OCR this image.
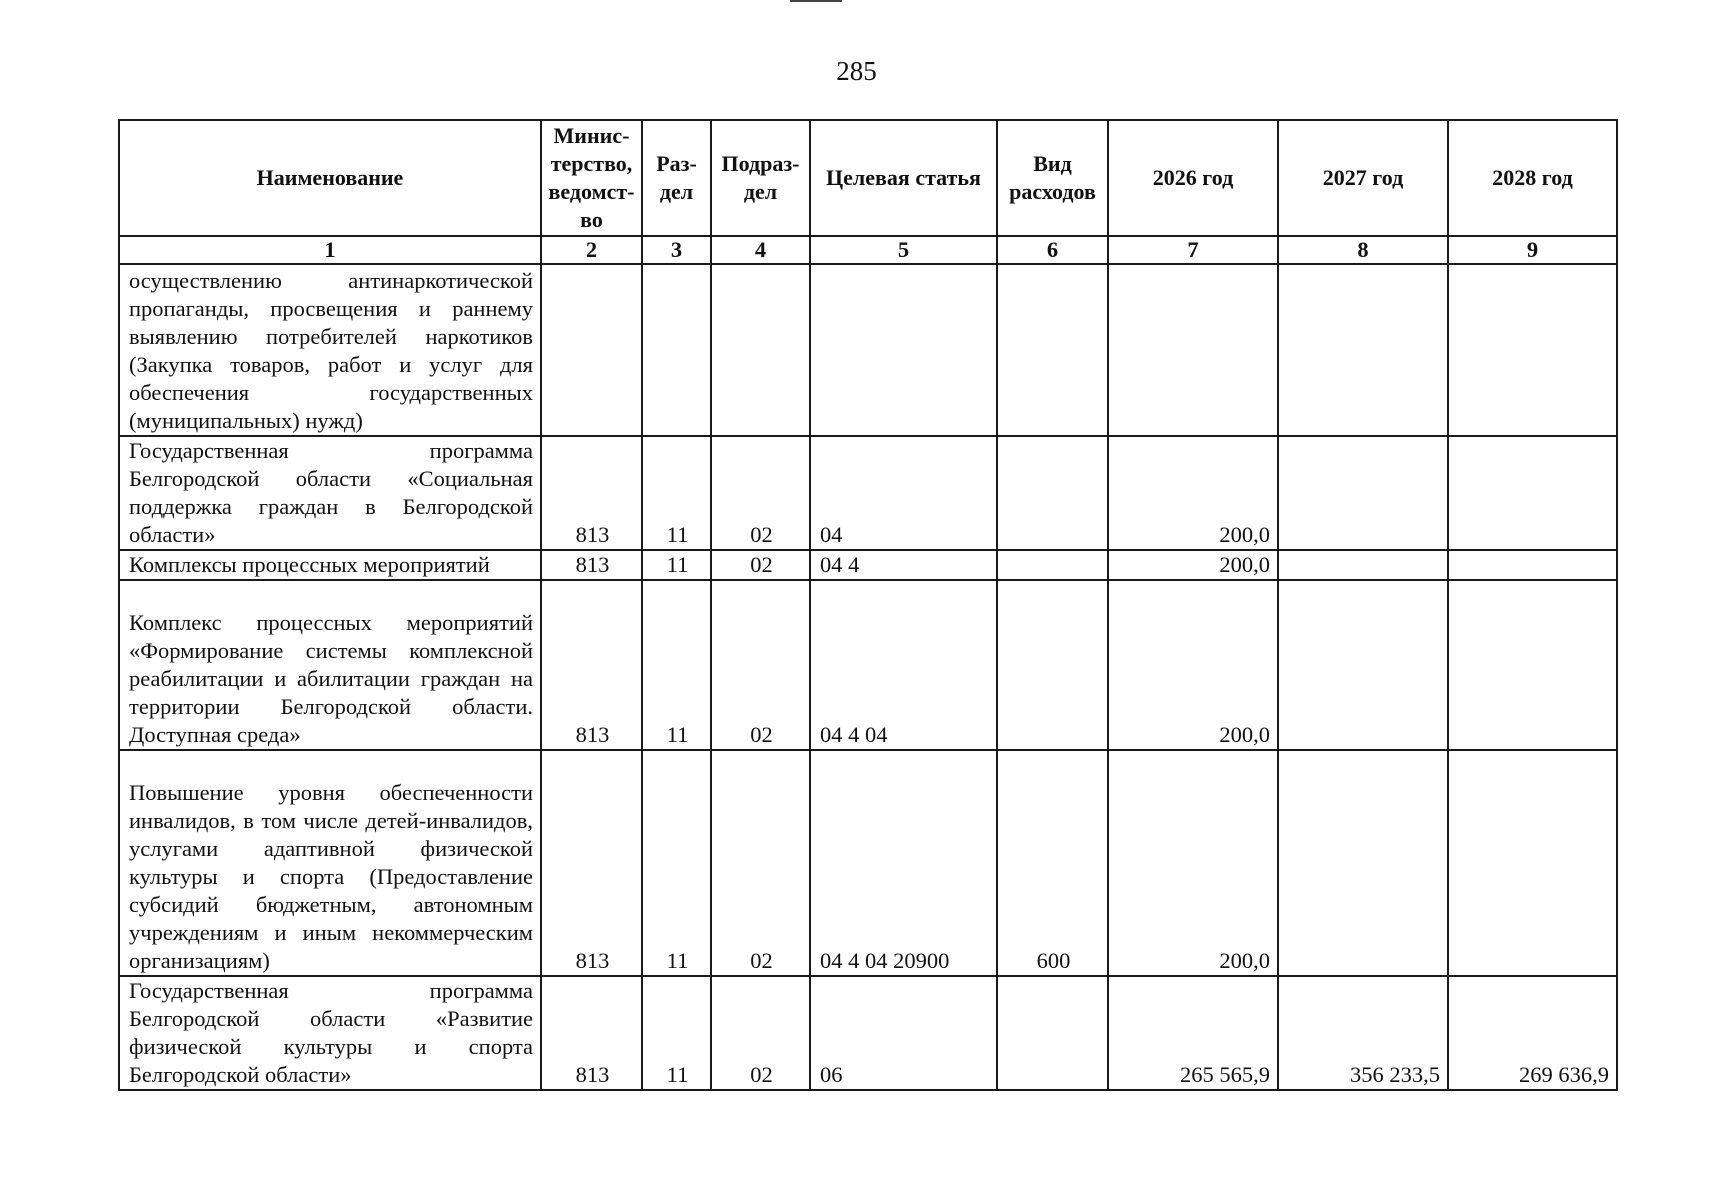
285
Наименование	Минис-терство, ведомст-во	Раз-дел	Подраз-дел	Целевая статья	Вид расходов	2026 год	2027 год	2028 год
1	2	3	4	5	6	7	8	9
осуществлению антинаркотической пропаганды, просвещения и раннему выявлению потребителей наркотиков (Закупка товаров, работ и услуг для обеспечения государственных (муниципальных) нужд)								
Государственная программа Белгородской области «Социальная поддержка граждан в Белгородской области»	813	11	02	04		200,0		
Комплексы процессных мероприятий	813	11	02	04 4		200,0		
Комплекс процессных мероприятий «Формирование системы комплексной реабилитации и абилитации граждан на территории Белгородской области. Доступная среда»	813	11	02	04 4 04		200,0		
Повышение уровня обеспеченности инвалидов, в том числе детей-инвалидов, услугами адаптивной физической культуры и спорта (Предоставление субсидий бюджетным, автономным учреждениям и иным некоммерческим организациям)	813	11	02	04 4 04 20900	600	200,0		
Государственная программа Белгородской области «Развитие физической культуры и спорта Белгородской области»	813	11	02	06		265 565,9	356 233,5	269 636,9
